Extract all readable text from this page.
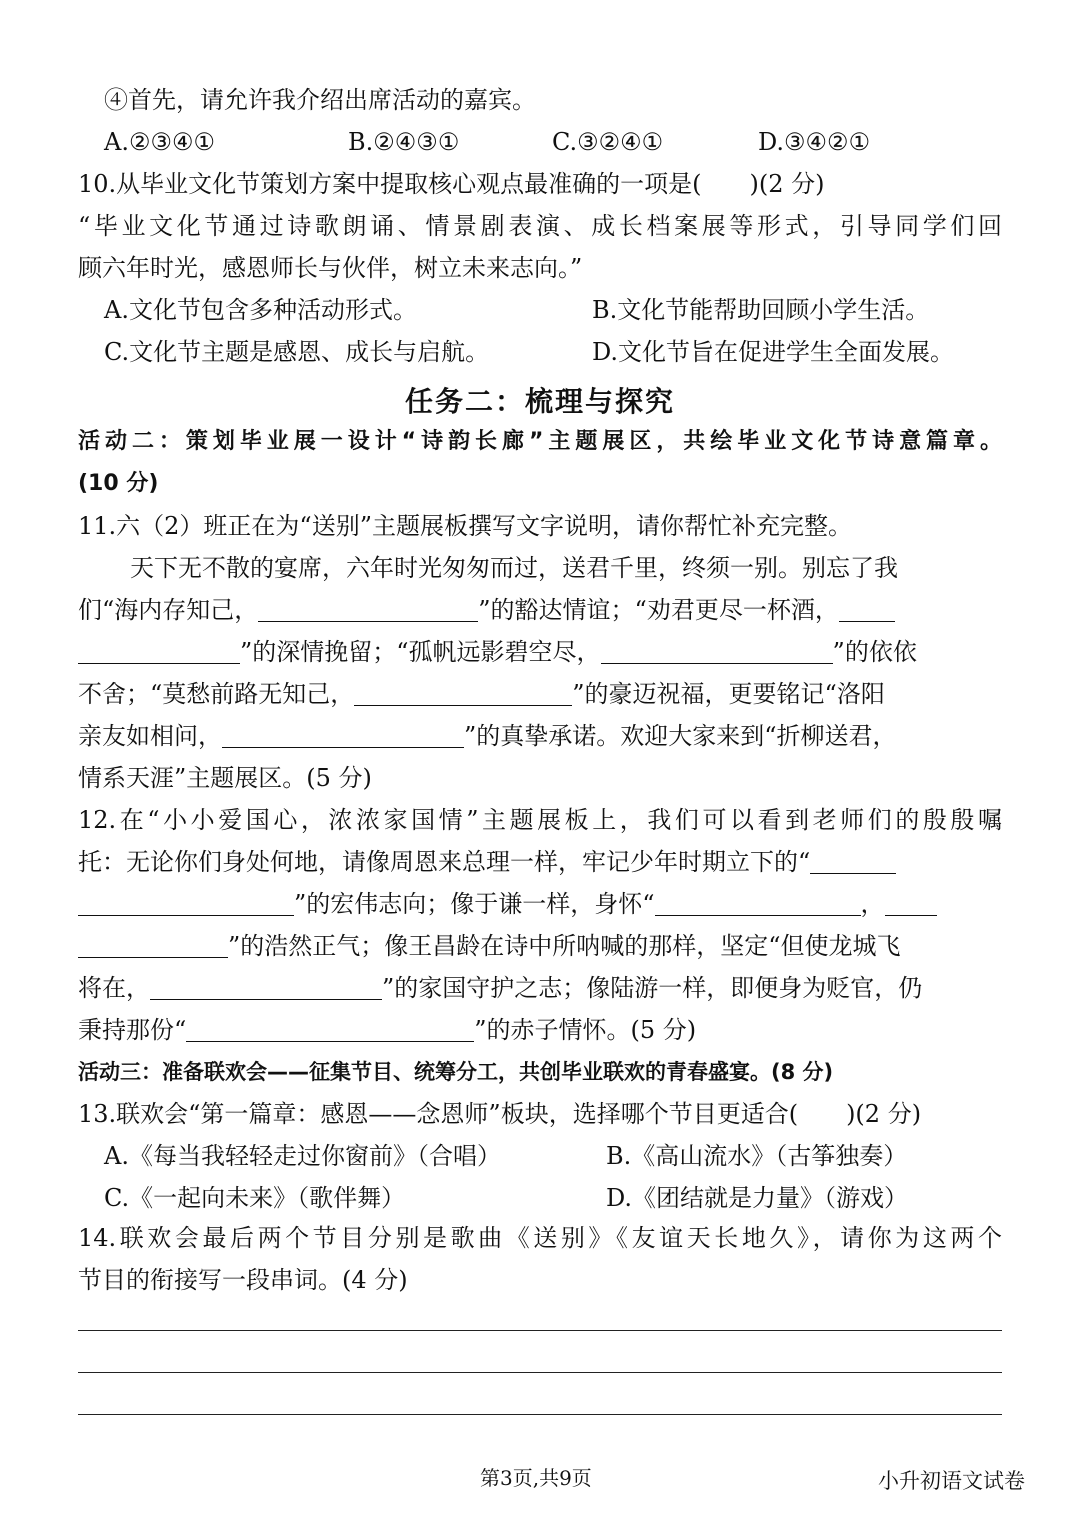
④首先，请允许我介绍出席活动的嘉宾。
A.②③④①	B.②④③①	C.③②④①	D.③④②①
10.从毕业文化节策划方案中提取核心观点最准确的一项是(　　)(2 分)
“毕业文化节通过诗歌朗诵、情景剧表演、成长档案展等形式，引导同学们回
顾六年时光，感恩师长与伙伴，树立未来志向。”
A.文化节包含多种活动形式。	B.文化节能帮助回顾小学生活。
C.文化节主题是感恩、成长与启航。	D.文化节旨在促进学生全面发展。
任务二：梳理与探究
活动二：策划毕业展一设计“诗韵长廊”主题展区，共绘毕业文化节诗意篇章。
(10 分)
11.六（2）班正在为“送别”主题展板撰写文字说明，请你帮忙补充完整。
天下无不散的宴席，六年时光匆匆而过，送君千里，终须一别。别忘了我
们“海内存知己，	”的豁达情谊；“劝君更尽一杯酒，
”的深情挽留；“孤帆远影碧空尽，	”的依依
不舍；“莫愁前路无知己，	”的豪迈祝福，更要铭记“洛阳
亲友如相问，	”的真挚承诺。欢迎大家来到“折柳送君，
情系天涯”主题展区。(5 分)
12.在“小小爱国心，浓浓家国情”主题展板上，我们可以看到老师们的殷殷嘱
托：无论你们身处何地，请像周恩来总理一样，牢记少年时期立下的“
”的宏伟志向；像于谦一样，身怀“	，
”的浩然正气；像王昌龄在诗中所呐喊的那样，坚定“但使龙城飞
将在，	”的家国守护之志；像陆游一样，即便身为贬官，仍
秉持那份“	”的赤子情怀。(5 分)
活动三：准备联欢会——征集节目、统筹分工，共创毕业联欢的青春盛宴。(8 分)
13.联欢会“第一篇章：感恩——念恩师”板块，选择哪个节目更适合(　　)(2 分)
A.《每当我轻轻走过你窗前》（合唱）	B.《高山流水》（古筝独奏）
C.《一起向未来》（歌伴舞）	D.《团结就是力量》（游戏）
14.联欢会最后两个节目分别是歌曲《送别》《友谊天长地久》，请你为这两个
节目的衔接写一段串词。(4 分)
第3页,共9页	小升初语文试卷
